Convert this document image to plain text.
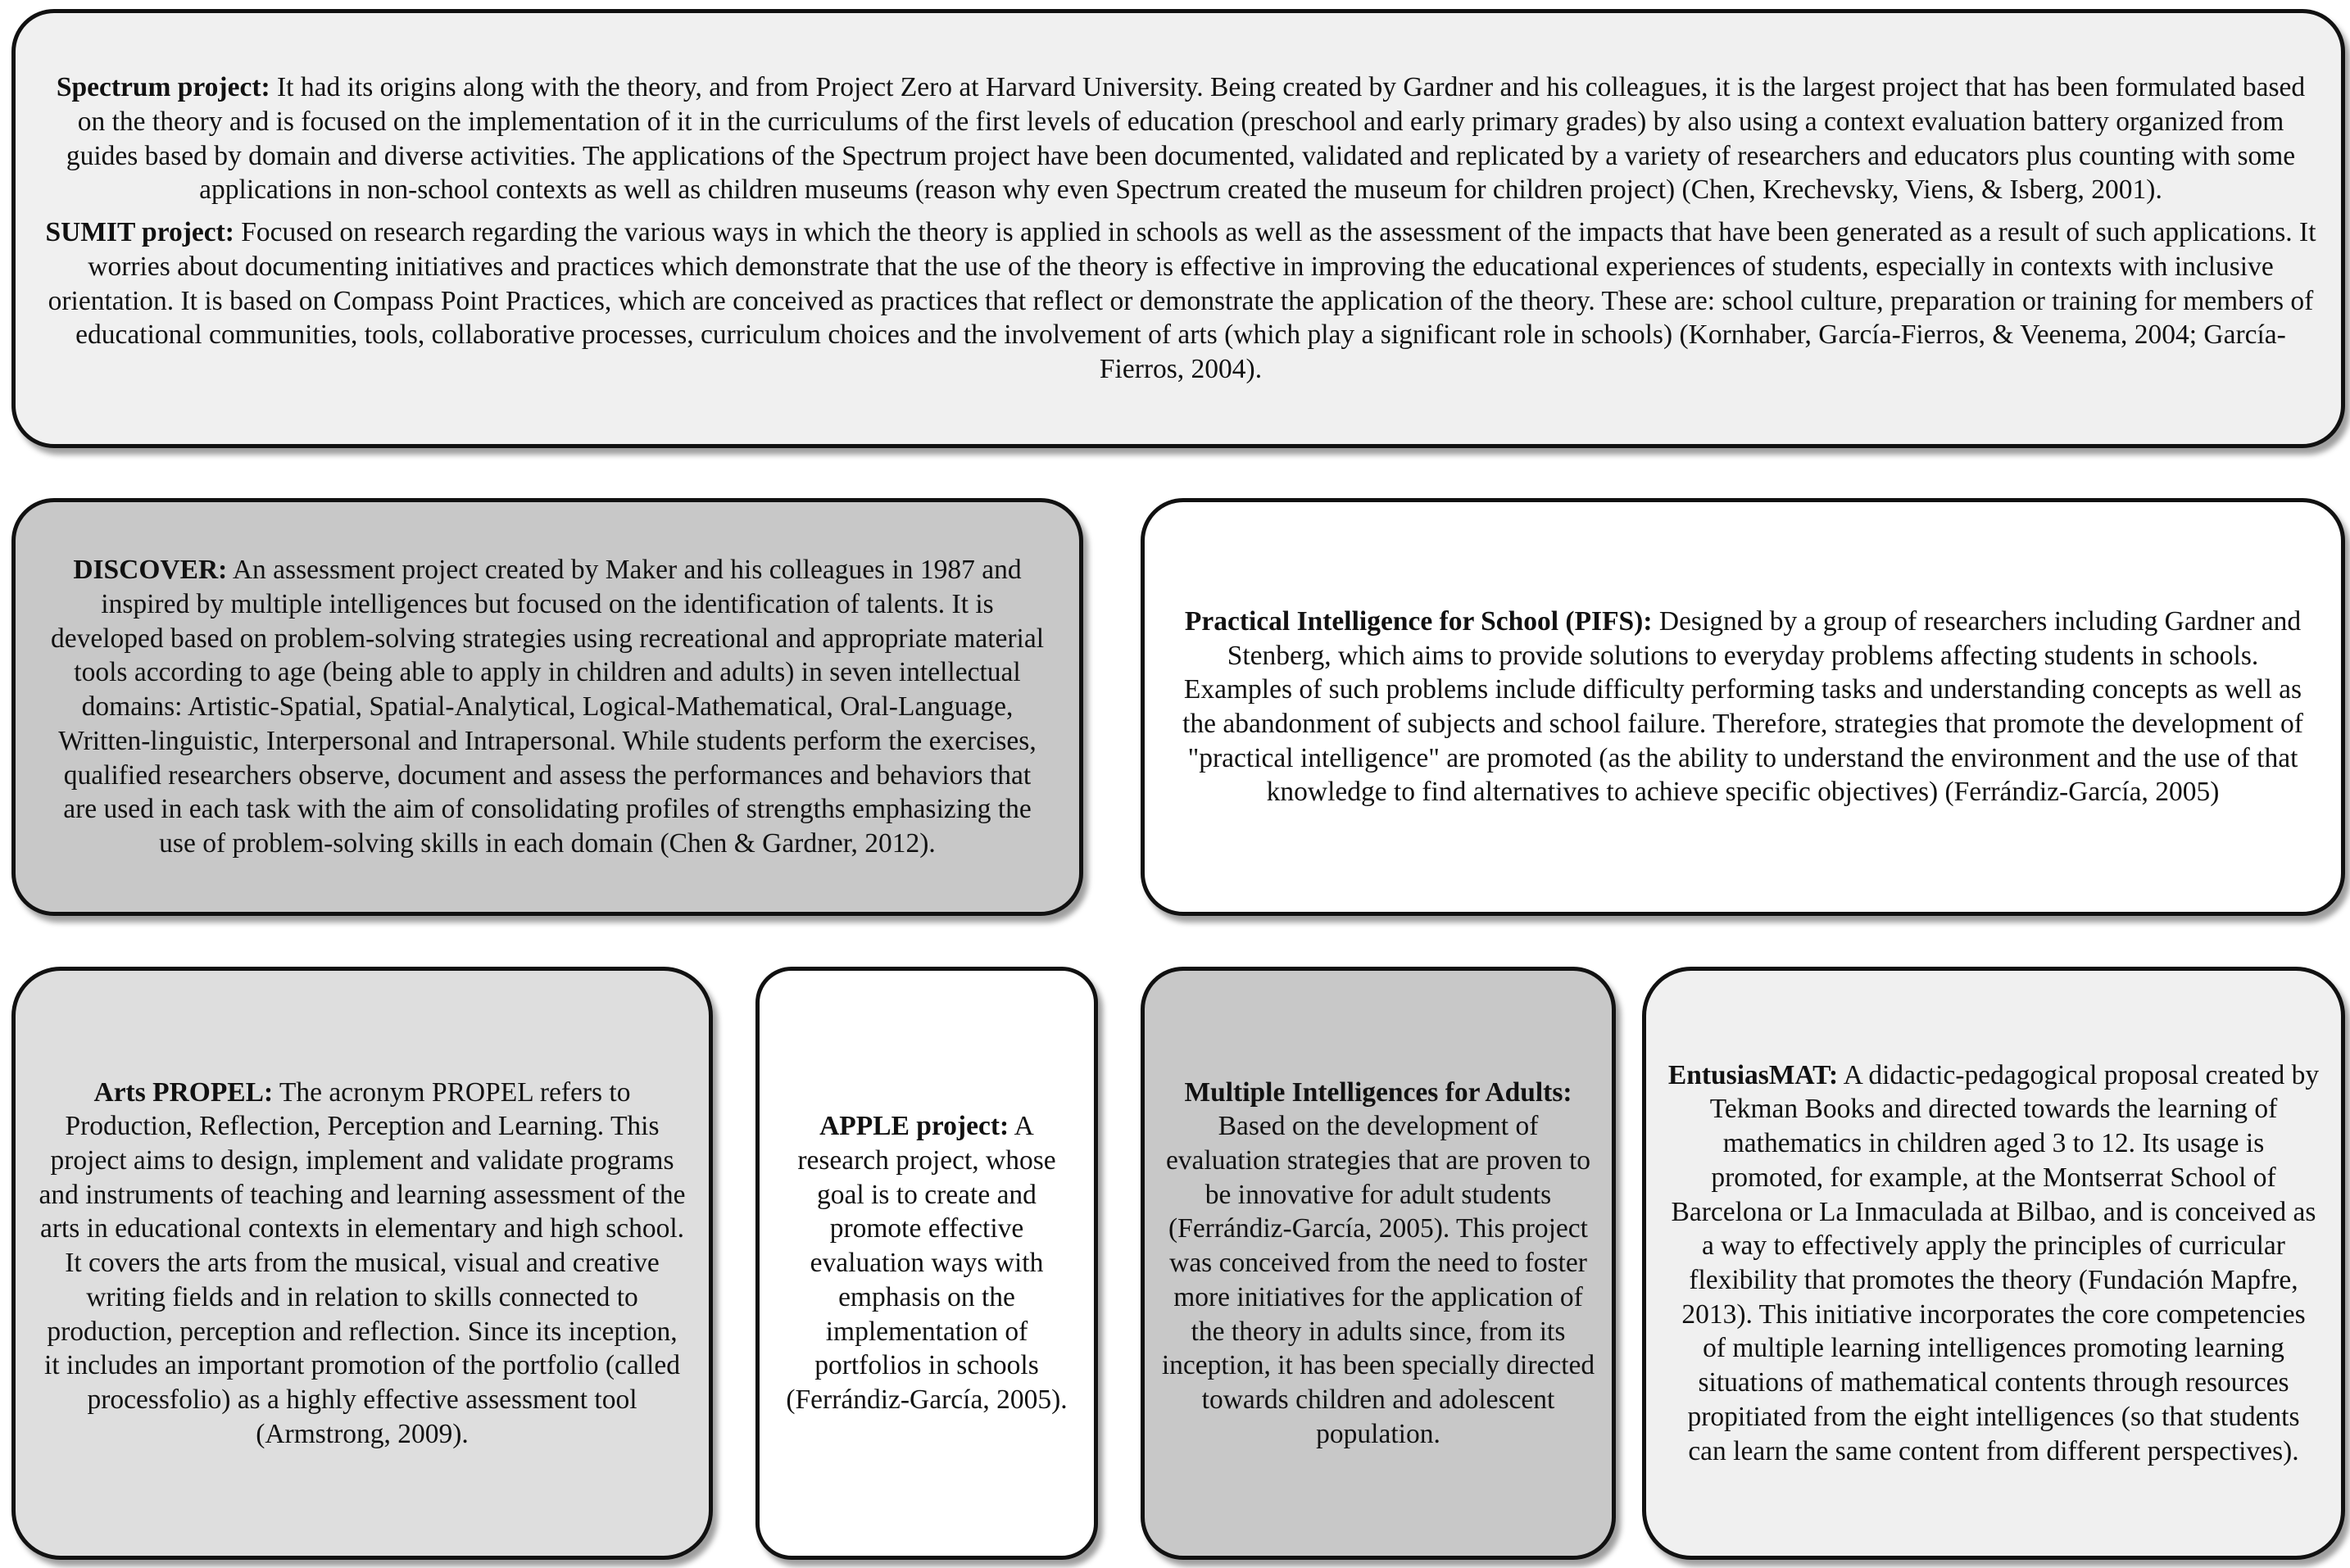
Spectrum project: It had its origins along with the theory, and from Project Zero at Harvard University. Being created by Gardner and his colleagues, it is the largest project that has been formulated based on the theory and is focused on the implementation of it in the curriculums of the first levels of education (preschool and early primary grades) by also using a context evaluation battery organized from guides based by domain and diverse activities. The applications of the Spectrum project have been documented, validated and replicated by a variety of researchers and educators plus counting with some applications in non-school contexts as well as children museums (reason why even Spectrum created the museum for children project) (Chen, Krechevsky, Viens, & Isberg, 2001).

SUMIT project: Focused on research regarding the various ways in which the theory is applied in schools as well as the assessment of the impacts that have been generated as a result of such applications. It worries about documenting initiatives and practices which demonstrate that the use of the theory is effective in improving the educational experiences of students, especially in contexts with inclusive orientation. It is based on Compass Point Practices, which are conceived as practices that reflect or demonstrate the application of the theory. These are: school culture, preparation or training for members of educational communities, tools, collaborative processes, curriculum choices and the involvement of arts (which play a significant role in schools) (Kornhaber, García-Fierros, & Veenema, 2004; García-Fierros, 2004).

DISCOVER: An assessment project created by Maker and his colleagues in 1987 and inspired by multiple intelligences but focused on the identification of talents. It is developed based on problem-solving strategies using recreational and appropriate material tools according to age (being able to apply in children and adults) in seven intellectual domains: Artistic-Spatial, Spatial-Analytical, Logical-Mathematical, Oral-Language, Written-linguistic, Interpersonal and Intrapersonal. While students perform the exercises, qualified researchers observe, document and assess the performances and behaviors that are used in each task with the aim of consolidating profiles of strengths emphasizing the use of problem-solving skills in each domain (Chen & Gardner, 2012).

Practical Intelligence for School (PIFS): Designed by a group of researchers including Gardner and Stenberg, which aims to provide solutions to everyday problems affecting students in schools. Examples of such problems include difficulty performing tasks and understanding concepts as well as the abandonment of subjects and school failure. Therefore, strategies that promote the development of "practical intelligence" are promoted (as the ability to understand the environment and the use of that knowledge to find alternatives to achieve specific objectives) (Ferrándiz-García, 2005)

Arts PROPEL: The acronym PROPEL refers to Production, Reflection, Perception and Learning. This project aims to design, implement and validate programs and instruments of teaching and learning assessment of the arts in educational contexts in elementary and high school. It covers the arts from the musical, visual and creative writing fields and in relation to skills connected to production, perception and reflection. Since its inception, it includes an important promotion of the portfolio (called processfolio) as a highly effective assessment tool (Armstrong, 2009).

APPLE project: A research project, whose goal is to create and promote effective evaluation ways with emphasis on the implementation of portfolios in schools (Ferrándiz-García, 2005).

Multiple Intelligences for Adults: Based on the development of evaluation strategies that are proven to be innovative for adult students (Ferrándiz-García, 2005). This project was conceived from the need to foster more initiatives for the application of the theory in adults since, from its inception, it has been specially directed towards children and adolescent population.

EntusiasMAT: A didactic-pedagogical proposal created by Tekman Books and directed towards the learning of mathematics in children aged 3 to 12. Its usage is promoted, for example, at the Montserrat School of Barcelona or La Inmaculada at Bilbao, and is conceived as a way to effectively apply the principles of curricular flexibility that promotes the theory (Fundación Mapfre, 2013). This initiative incorporates the core competencies of multiple learning intelligences promoting learning situations of mathematical contents through resources propitiated from the eight intelligences (so that students can learn the same content from different perspectives).
